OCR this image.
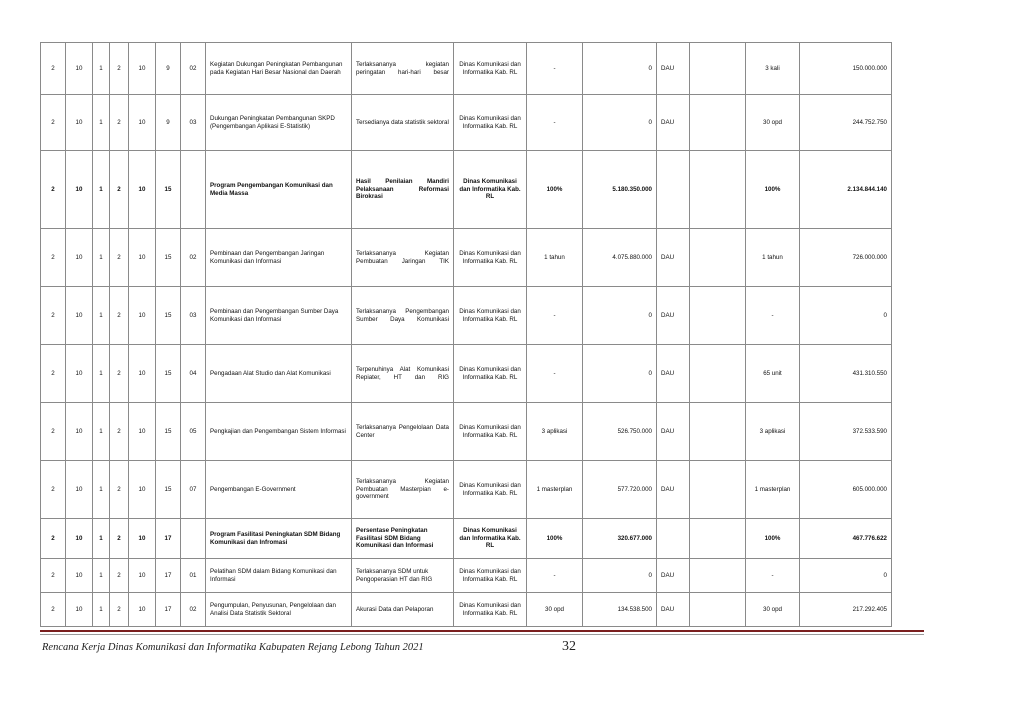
2	10	1	2	10	9	02	Kegiatan Dukungan Peningkatan Pembangunan pada Kegiatan Hari Besar Nasional dan Daerah	Terlaksananya kegiatan peringatan hari-hari besar	Dinas Komunikasi dan Informatika Kab. RL	-	0	DAU		3 kali	150.000.000
2	10	1	2	10	9	03	Dukungan Peningkatan Pembangunan SKPD (Pengembangan Aplikasi E-Statistik)	Tersedianya data statistik sektoral	Dinas Komunikasi dan Informatika Kab. RL	-	0	DAU		30 opd	244.752.750
2	10	1	2	10	15		Program Pengembangan Komunikasi dan Media Massa	Hasil Penilaian Mandiri Pelaksanaan Reformasi Birokrasi	Dinas Komunikasi dan Informatika Kab. RL	100%	5.180.350.000			100%	2.134.844.140
2	10	1	2	10	15	02	Pembinaan dan Pengembangan Jaringan Komunikasi dan Informasi	Terlaksananya Kegiatan Pembuatan Jaringan TIK	Dinas Komunikasi dan Informatika Kab. RL	1 tahun	4.075.880.000	DAU		1 tahun	726.000.000
2	10	1	2	10	15	03	Pembinaan dan Pengembangan Sumber Daya Komunikasi dan Informasi	Terlaksananya Pengembangan Sumber Daya Komunikasi	Dinas Komunikasi dan Informatika Kab. RL	-	0	DAU		-	0
2	10	1	2	10	15	04	Pengadaan Alat Studio dan Alat Komunikasi	Terpenuhinya Alat Komunikasi Repiater, HT dan RIG	Dinas Komunikasi dan Informatika Kab. RL	-	0	DAU		65 unit	431.310.550
2	10	1	2	10	15	05	Pengkajian dan Pengembangan Sistem Informasi	Terlaksananya Pengelolaan Data Center	Dinas Komunikasi dan Informatika Kab. RL	3 aplikasi	526.750.000	DAU		3 aplikasi	372.533.590
2	10	1	2	10	15	07	Pengembangan E-Government	Terlaksananya Kegiatan Pembuatan Masterpian e-government	Dinas Komunikasi dan Informatika Kab. RL	1 masterplan	577.720.000	DAU		1 masterplan	605.000.000
2	10	1	2	10	17		Program Fasilitasi Peningkatan SDM Bidang Komunikasi dan Infromasi	Persentase Peningkatan Fasilitasi SDM Bidang Komunikasi dan Informasi	Dinas Komunikasi dan Informatika Kab. RL	100%	320.677.000			100%	467.776.622
2	10	1	2	10	17	01	Pelatihan SDM dalam Bidang Komunikasi dan Informasi	Terlaksananya SDM untuk Pengoperasian HT dan RIG	Dinas Komunikasi dan Informatika Kab. RL	-	0	DAU		-	0
2	10	1	2	10	17	02	Pengumpulan, Penyusunan, Pengelolaan dan Analisi Data Statistik Sektoral	Akurasi Data dan Pelaporan	Dinas Komunikasi dan Informatika Kab. RL	30 opd	134.538.500	DAU		30 opd	217.292.405
Rencana Kerja Dinas Komunikasi dan Informatika Kabupaten Rejang Lebong Tahun 2021	32
